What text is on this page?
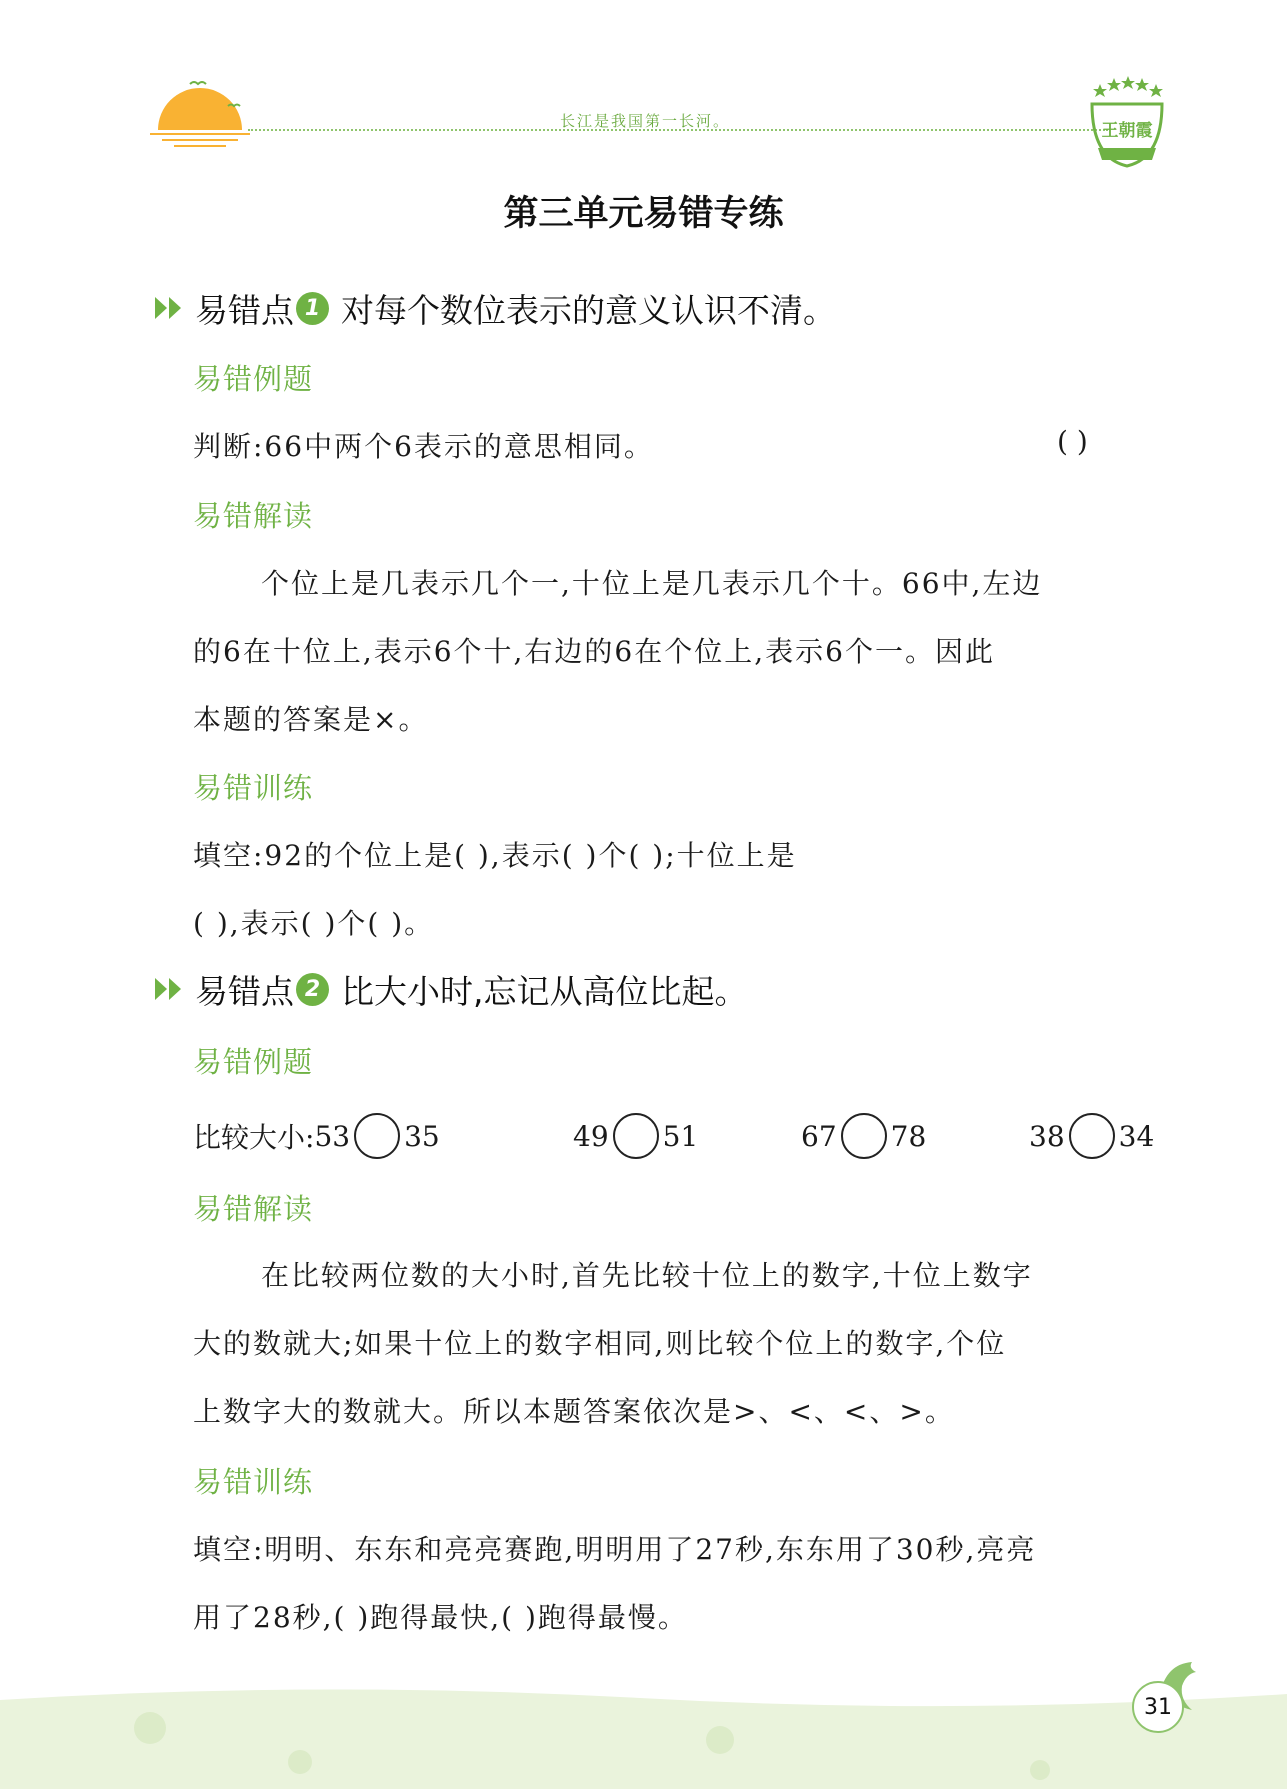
长江是我国第一长河。	王朝霞
第三单元易错专练
易错点 1 对每个数位表示的意义认识不清。
易错例题
判断:66中两个6表示的意思相同。	( )
易错解读
个位上是几表示几个一,十位上是几表示几个十。66中,左边
的6在十位上,表示6个十,右边的6在个位上,表示6个一。因此
本题的答案是×。
易错训练
填空:92的个位上是( ),表示( )个( );十位上是
( ),表示( )个( )。
易错点 2 比大小时,忘记从高位比起。
易错例题
比较大小: 53 35	49 51	67 78	38 34
易错解读
在比较两位数的大小时,首先比较十位上的数字,十位上数字
大的数就大;如果十位上的数字相同,则比较个位上的数字,个位
上数字大的数就大。所以本题答案依次是>、<、<、>。
易错训练
填空:明明、东东和亮亮赛跑,明明用了27秒,东东用了30秒,亮亮
用了28秒,( )跑得最快,( )跑得最慢。
31
